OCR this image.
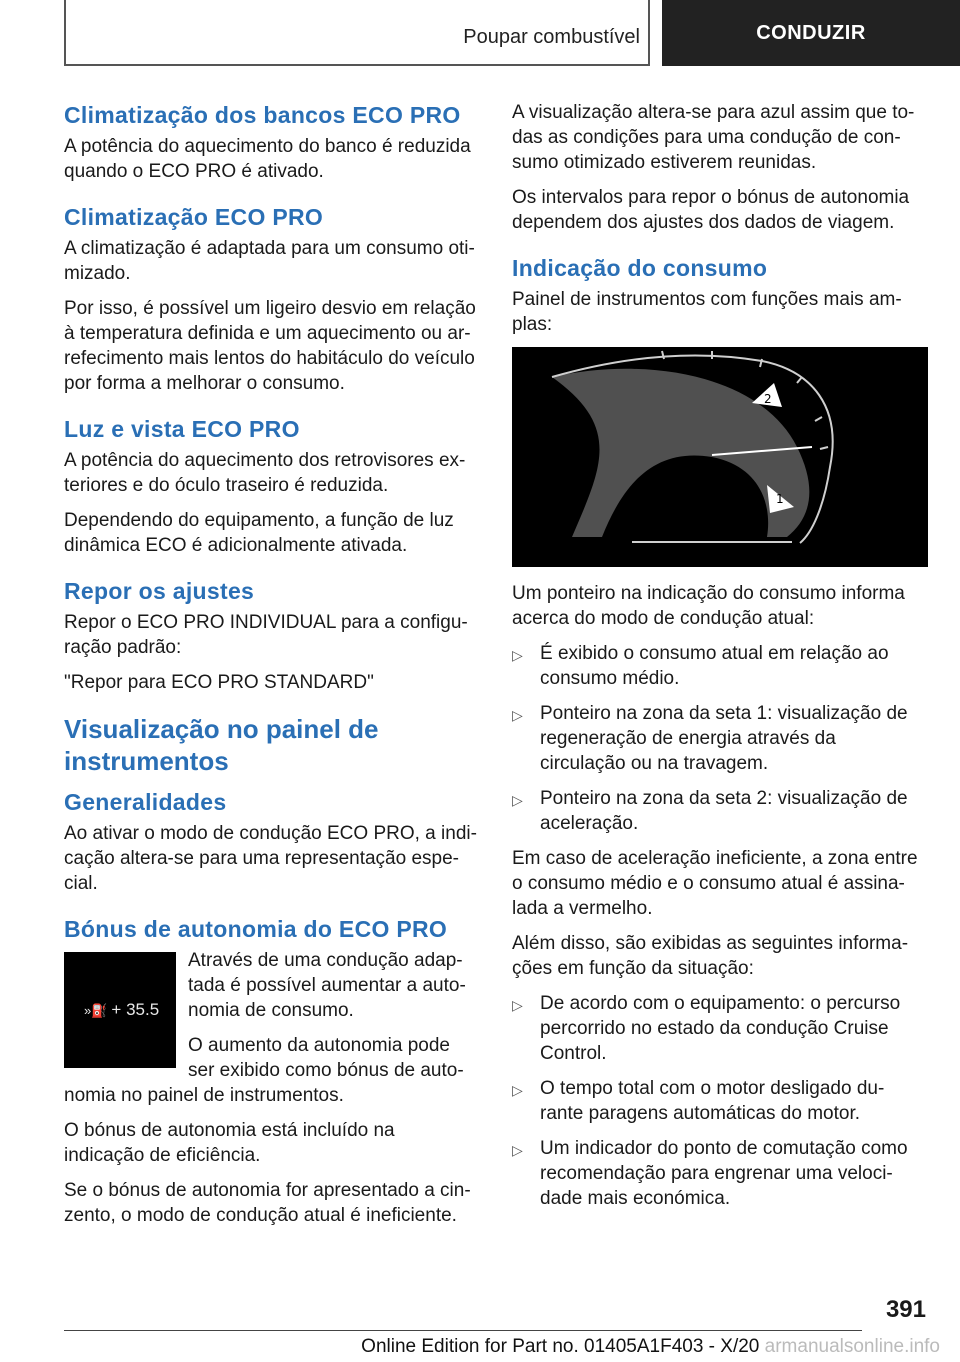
Poupar combustível	CONDUZIR
Climatização dos bancos ECO PRO

A potência do aquecimento do banco é reduzida quando o ECO PRO é ativado.

Climatização ECO PRO

A climatização é adaptada para um consumo oti-mizado.

Por isso, é possível um ligeiro desvio em relação à temperatura definida e um aquecimento ou ar-refecimento mais lentos do habitáculo do veículo por forma a melhorar o consumo.

Luz e vista ECO PRO

A potência do aquecimento dos retrovisores ex-teriores e do óculo traseiro é reduzida.

Dependendo do equipamento, a função de luz dinâmica ECO é adicionalmente ativada.

Repor os ajustes

Repor o ECO PRO INDIVIDUAL para a configu-ração padrão:

"Repor para ECO PRO STANDARD"

Visualização no painel de instrumentos
Generalidades

Ao ativar o modo de condução ECO PRO, a indi-cação altera-se para uma representação espe-cial.

Bónus de autonomia do ECO PRO
»⛽ + 35.5

Através de uma condução adap-tada é possível aumentar a auto-nomia de consumo.

O aumento da autonomia pode ser exibido como bónus de auto-nomia no painel de instrumentos.

O bónus de autonomia está incluído na indicação de eficiência.

Se o bónus de autonomia for apresentado a cin-zento, o modo de condução atual é ineficiente.

A visualização altera-se para azul assim que to-das as condições para uma condução de con-sumo otimizado estiverem reunidas.

Os intervalos para repor o bónus de autonomia dependem dos ajustes dos dados de viagem.

Indicação do consumo

Painel de instrumentos com funções mais am-plas:

2
1

Um ponteiro na indicação do consumo informa acerca do modo de condução atual:

▷ É exibido o consumo atual em relação ao consumo médio.
▷ Ponteiro na zona da seta 1: visualização de regeneração de energia através da circulação ou na travagem.
▷ Ponteiro na zona da seta 2: visualização de aceleração.

Em caso de aceleração ineficiente, a zona entre o consumo médio e o consumo atual é assina-lada a vermelho.

Além disso, são exibidas as seguintes informa-ções em função da situação:

▷ De acordo com o equipamento: o percurso percorrido no estado da condução Cruise Control.
▷ O tempo total com o motor desligado du-rante paragens automáticas do motor.
▷ Um indicador do ponto de comutação como recomendação para engrenar uma veloci-dade mais económica.
391
Online Edition for Part no. 01405A1F403 - X/20 armanualsonline.info
